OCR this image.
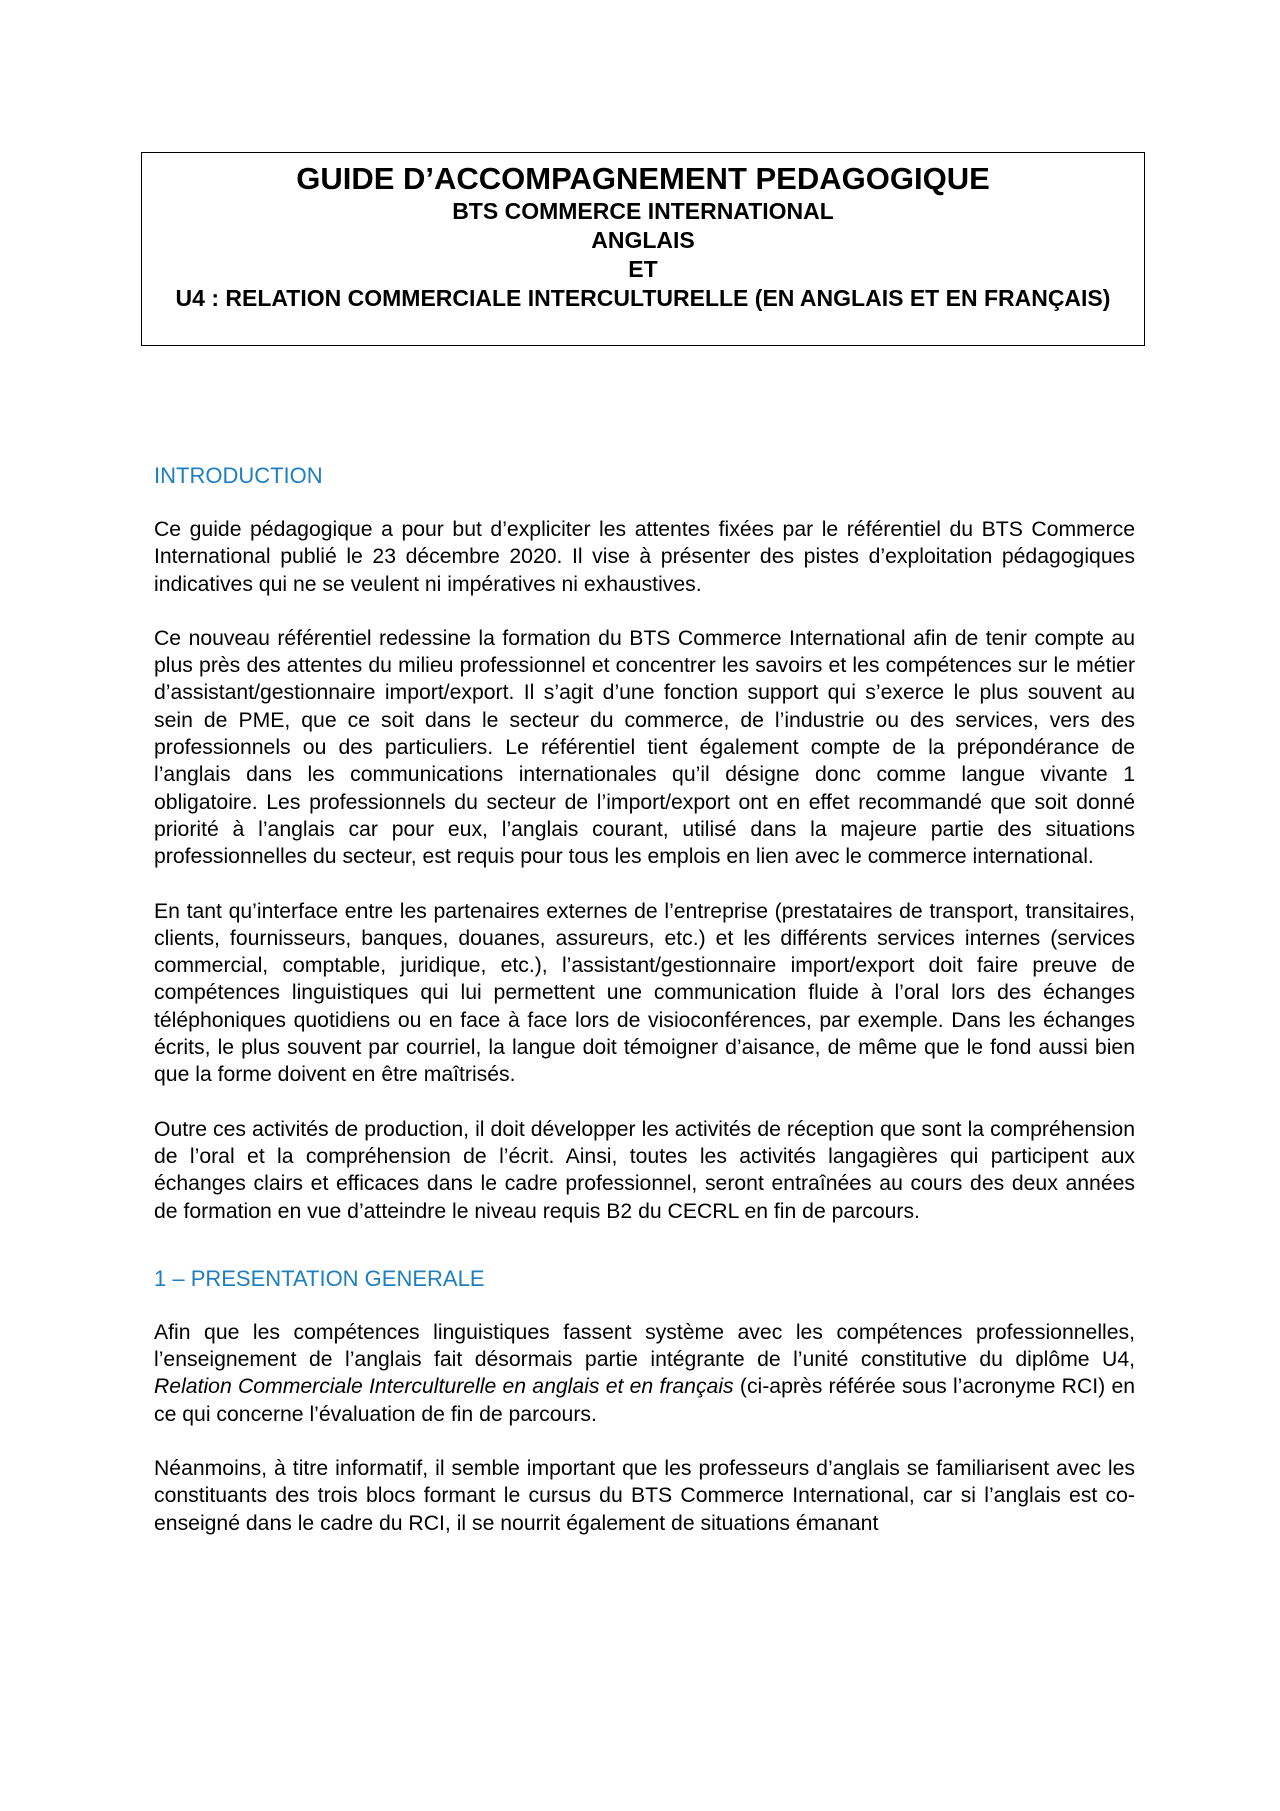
GUIDE D’ACCOMPAGNEMENT PEDAGOGIQUE

BTS COMMERCE INTERNATIONAL

ANGLAIS

ET

U4 : RELATION COMMERCIALE INTERCULTURELLE (EN ANGLAIS ET EN FRANÇAIS)

INTRODUCTION

Ce guide pédagogique a pour but d’expliciter les attentes fixées par le référentiel du BTS Commerce International publié le 23 décembre 2020. Il vise à présenter des pistes d’exploitation pédagogiques indicatives qui ne se veulent ni impératives ni exhaustives.

Ce nouveau référentiel redessine la formation du BTS Commerce International afin de tenir compte au plus près des attentes du milieu professionnel et concentrer les savoirs et les compétences sur le métier d’assistant/gestionnaire import/export. Il s’agit d’une fonction support qui s’exerce le plus souvent au sein de PME, que ce soit dans le secteur du commerce, de l’industrie ou des services, vers des professionnels ou des particuliers. Le référentiel tient également compte de la prépondérance de l’anglais dans les communications internationales qu’il désigne donc comme langue vivante 1 obligatoire. Les professionnels du secteur de l’import/export ont en effet recommandé que soit donné priorité à l’anglais car pour eux, l’anglais courant, utilisé dans la majeure partie des situations professionnelles du secteur, est requis pour tous les emplois en lien avec le commerce international.

En tant qu’interface entre les partenaires externes de l’entreprise (prestataires de transport, transitaires, clients, fournisseurs, banques, douanes, assureurs, etc.) et les différents services internes (services commercial, comptable, juridique, etc.), l’assistant/gestionnaire import/export doit faire preuve de compétences linguistiques qui lui permettent une communication fluide à l’oral lors des échanges téléphoniques quotidiens ou en face à face lors de visioconférences, par exemple. Dans les échanges écrits, le plus souvent par courriel, la langue doit témoigner d’aisance, de même que le fond aussi bien que la forme doivent en être maîtrisés.

Outre ces activités de production, il doit développer les activités de réception que sont la compréhension de l’oral et la compréhension de l’écrit. Ainsi, toutes les activités langagières qui participent aux échanges clairs et efficaces dans le cadre professionnel, seront entraînées au cours des deux années de formation en vue d’atteindre le niveau requis B2 du CECRL en fin de parcours.

1 – PRESENTATION GENERALE

Afin que les compétences linguistiques fassent système avec les compétences professionnelles, l’enseignement de l’anglais fait désormais partie intégrante de l’unité constitutive du diplôme U4, Relation Commerciale Interculturelle en anglais et en français (ci-après référée sous l’acronyme RCI) en ce qui concerne l’évaluation de fin de parcours.

Néanmoins, à titre informatif, il semble important que les professeurs d’anglais se familiarisent avec les constituants des trois blocs formant le cursus du BTS Commerce International, car si l’anglais est co-enseigné dans le cadre du RCI, il se nourrit également de situations émanant
